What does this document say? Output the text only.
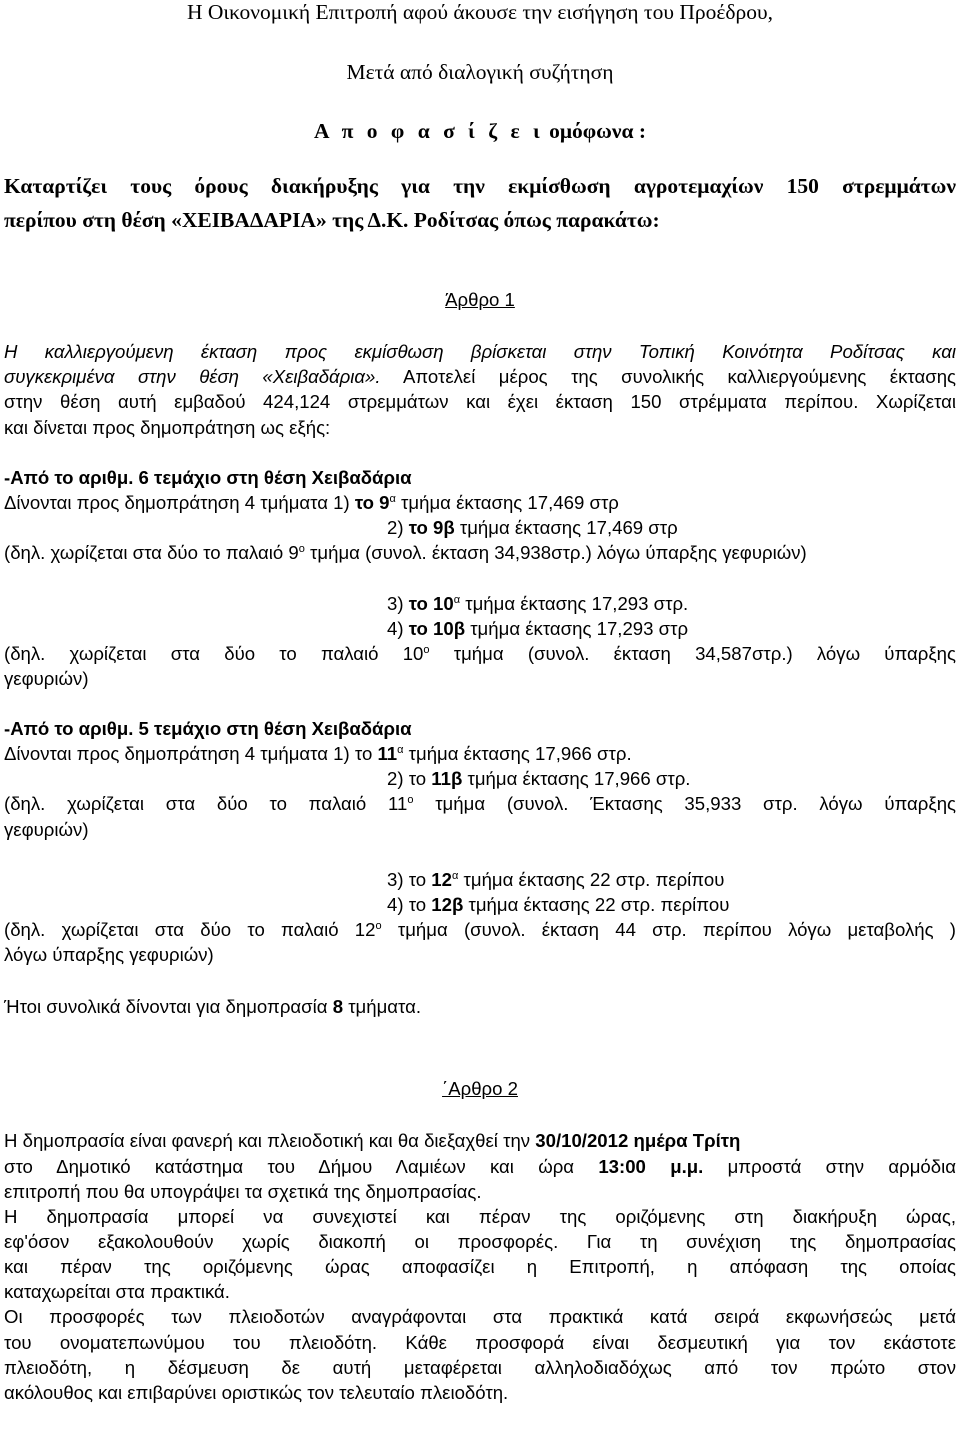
Η Οικονομική Επιτροπή αφού άκουσε την εισήγηση του Προέδρου,
Μετά από διαλογική συζήτηση
Α π ο φ α σ ί ζ ε ι ομόφωνα :
Καταρτίζει τους όρους διακήρυξης για την εκμίσθωση αγροτεμαχίων 150 στρεμμάτων
περίπου στη θέση «ΧΕΙΒΑΔΑΡΙΑ» της Δ.Κ. Ροδίτσας όπως παρακάτω:
Άρθρο 1
Η καλλιεργούμενη έκταση προς εκμίσθωση βρίσκεται στην Τοπική Κοινότητα Ροδίτσας και
συγκεκριμένα στην θέση «Χειβαδάρια». Αποτελεί μέρος της συνολικής καλλιεργούμενης έκτασης
στην θέση αυτή εμβαδού 424,124 στρεμμάτων και έχει έκταση 150 στρέμματα περίπου. Χωρίζεται
και δίνεται προς δημοπράτηση ως εξής:
-Από το αριθμ. 6 τεμάχιο στη θέση Χειβαδάρια
Δίνονται προς δημοπράτηση 4 τμήματα 1) το $9^\alpha$ τμήμα έκτασης 17,469 στρ
2) το 9β τμήμα έκτασης 17,469 στρ
(δηλ. χωρίζεται στα δύο το παλαιό $9^o$ τμήμα (συνολ. έκταση 34,938στρ.) λόγω ύπαρξης γεφυριών)
3) το $10^\alpha$ τμήμα έκτασης 17,293 στρ.
4) το 10β τμήμα έκτασης 17,293 στρ
(δηλ. χωρίζεται στα δύο το παλαιό $10^o$ τμήμα (συνολ. έκταση 34,587στρ.) λόγω ύπαρξης
γεφυριών)
-Από το αριθμ. 5 τεμάχιο στη θέση Χειβαδάρια
Δίνονται προς δημοπράτηση 4 τμήματα 1) το $11^\alpha$ τμήμα έκτασης 17,966 στρ.
2) το 11β τμήμα έκτασης 17,966 στρ.
(δηλ. χωρίζεται στα δύο το παλαιό $11^o$ τμήμα (συνολ. Έκτασης 35,933 στρ. λόγω ύπαρξης
γεφυριών)
3) το $12^\alpha$ τμήμα έκτασης 22 στρ. περίπου
4) το 12β τμήμα έκτασης 22 στρ. περίπου
(δηλ. χωρίζεται στα δύο το παλαιό $12^o$ τμήμα (συνολ. έκταση 44 στρ. περίπου λόγω μεταβολής )
λόγω ύπαρξης γεφυριών)
Ήτοι συνολικά δίνονται για δημοπρασία 8 τμήματα.
΄Αρθρο 2
Η δημοπρασία είναι φανερή και πλειοδοτική και θα διεξαχθεί την 30/10/2012 ημέρα Τρίτη
στο Δημοτικό κατάστημα του Δήμου Λαμιέων και ώρα 13:00 μ.μ. μπροστά στην αρμόδια
επιτροπή που θα υπογράψει τα σχετικά της δημοπρασίας.
Η δημοπρασία μπορεί να συνεχιστεί και πέραν της οριζόμενης στη διακήρυξη ώρας,
εφ'όσον εξακολουθούν χωρίς διακοπή οι προσφορές. Για τη συνέχιση της δημοπρασίας
και πέραν της οριζόμενης ώρας αποφασίζει η Επιτροπή, η απόφαση της οποίας
καταχωρείται στα πρακτικά.
Οι προσφορές των πλειοδοτών αναγράφονται στα πρακτικά κατά σειρά εκφωνήσεώς μετά
του ονοματεπωνύμου του πλειοδότη. Κάθε προσφορά είναι δεσμευτική για τον εκάστοτε
πλειοδότη, η δέσμευση δε αυτή μεταφέρεται αλληλοδιαδόχως από τον πρώτο στον
ακόλουθος και επιβαρύνει οριστικώς τον τελευταίο πλειοδότη.
